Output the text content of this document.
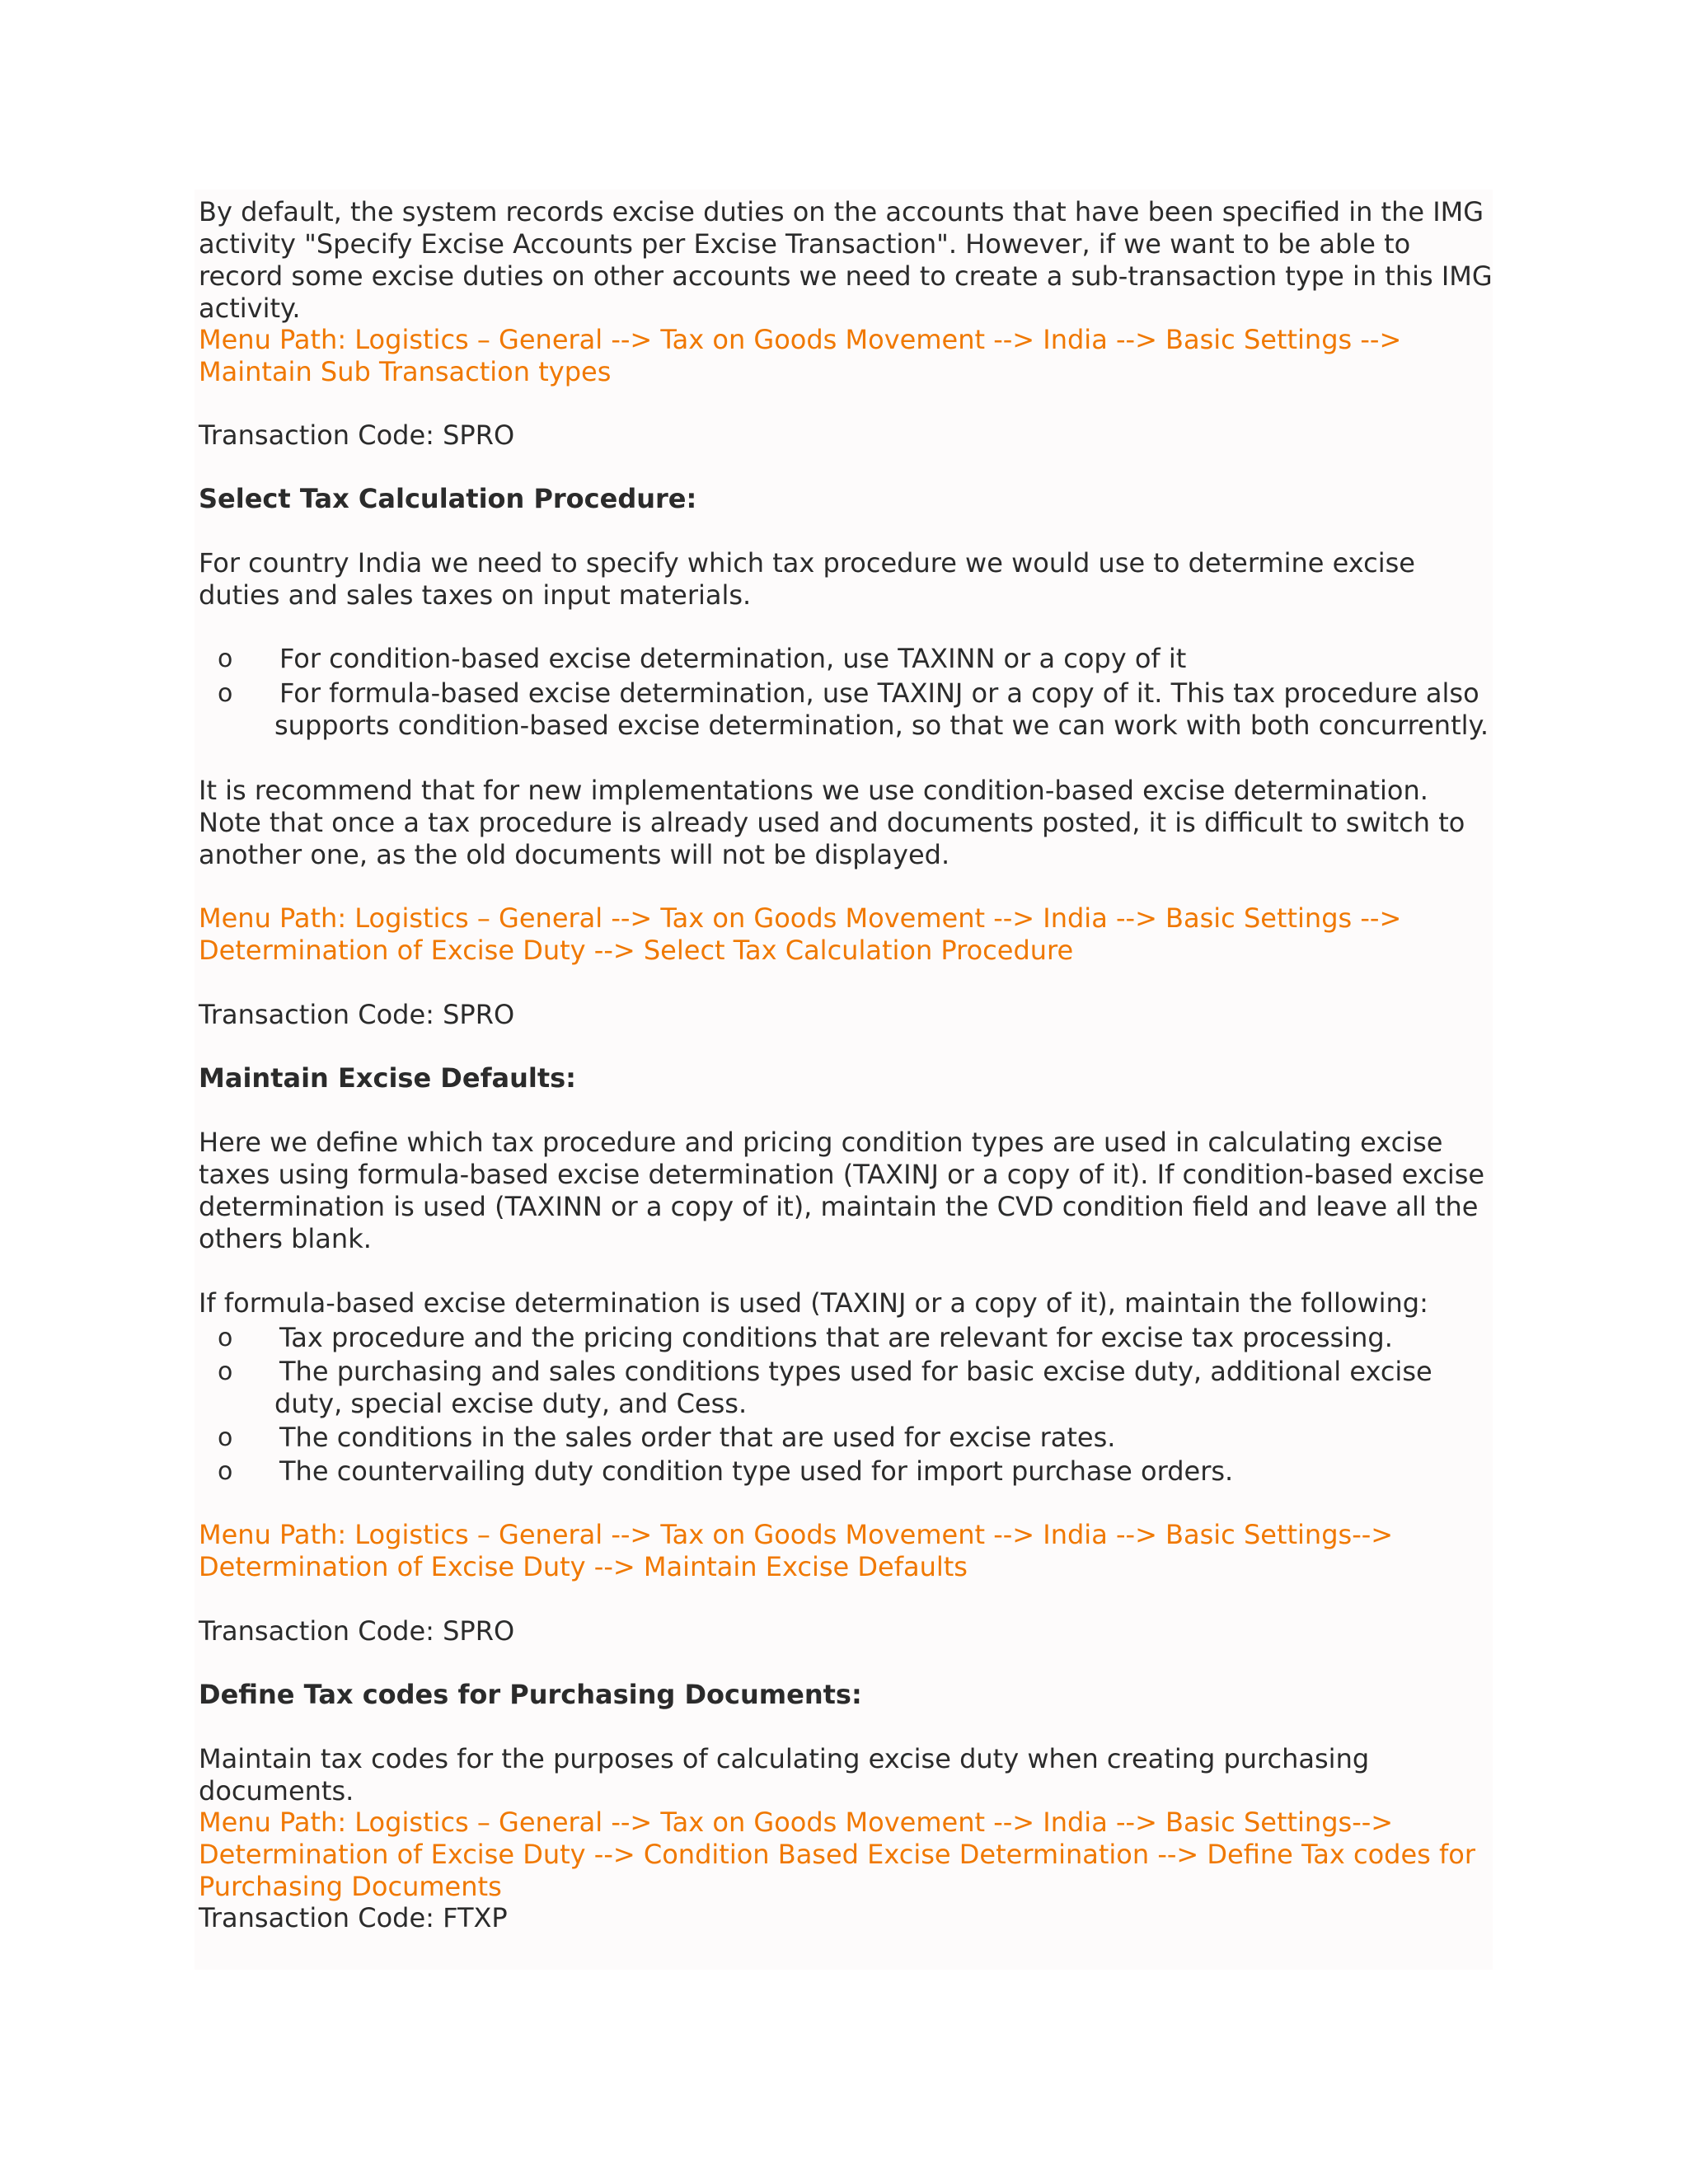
By default, the system records excise duties on the accounts that have been specified in the IMG activity "Specify Excise Accounts per Excise Transaction". However, if we want to be able to record some excise duties on other accounts we need to create a sub-transaction type in this IMG activity.

Menu Path: Logistics – General --> Tax on Goods Movement --> India --> Basic Settings --> Maintain Sub Transaction types

Transaction Code: SPRO

Select Tax Calculation Procedure:

For country India we need to specify which tax procedure we would use to determine excise duties and sales taxes on input materials.

o For condition-based excise determination, use TAXINN or a copy of it
o For formula-based excise determination, use TAXINJ or a copy of it. This tax procedure also supports condition-based excise determination, so that we can work with both concurrently.

It is recommend that for new implementations we use condition-based excise determination. Note that once a tax procedure is already used and documents posted, it is difficult to switch to another one, as the old documents will not be displayed.

Menu Path: Logistics – General --> Tax on Goods Movement --> India --> Basic Settings --> Determination of Excise Duty --> Select Tax Calculation Procedure

Transaction Code: SPRO

Maintain Excise Defaults:

Here we define which tax procedure and pricing condition types are used in calculating excise taxes using formula-based excise determination (TAXINJ or a copy of it). If condition-based excise determination is used (TAXINN or a copy of it), maintain the CVD condition field and leave all the others blank.

If formula-based excise determination is used (TAXINJ or a copy of it), maintain the following:

o Tax procedure and the pricing conditions that are relevant for excise tax processing.
o The purchasing and sales conditions types used for basic excise duty, additional excise duty, special excise duty, and Cess.
o The conditions in the sales order that are used for excise rates.
o The countervailing duty condition type used for import purchase orders.

Menu Path: Logistics – General --> Tax on Goods Movement --> India --> Basic Settings--> Determination of Excise Duty --> Maintain Excise Defaults

Transaction Code: SPRO

Define Tax codes for Purchasing Documents:

Maintain tax codes for the purposes of calculating excise duty when creating purchasing documents.

Menu Path: Logistics – General --> Tax on Goods Movement --> India --> Basic Settings--> Determination of Excise Duty --> Condition Based Excise Determination --> Define Tax codes for Purchasing Documents

Transaction Code: FTXP
